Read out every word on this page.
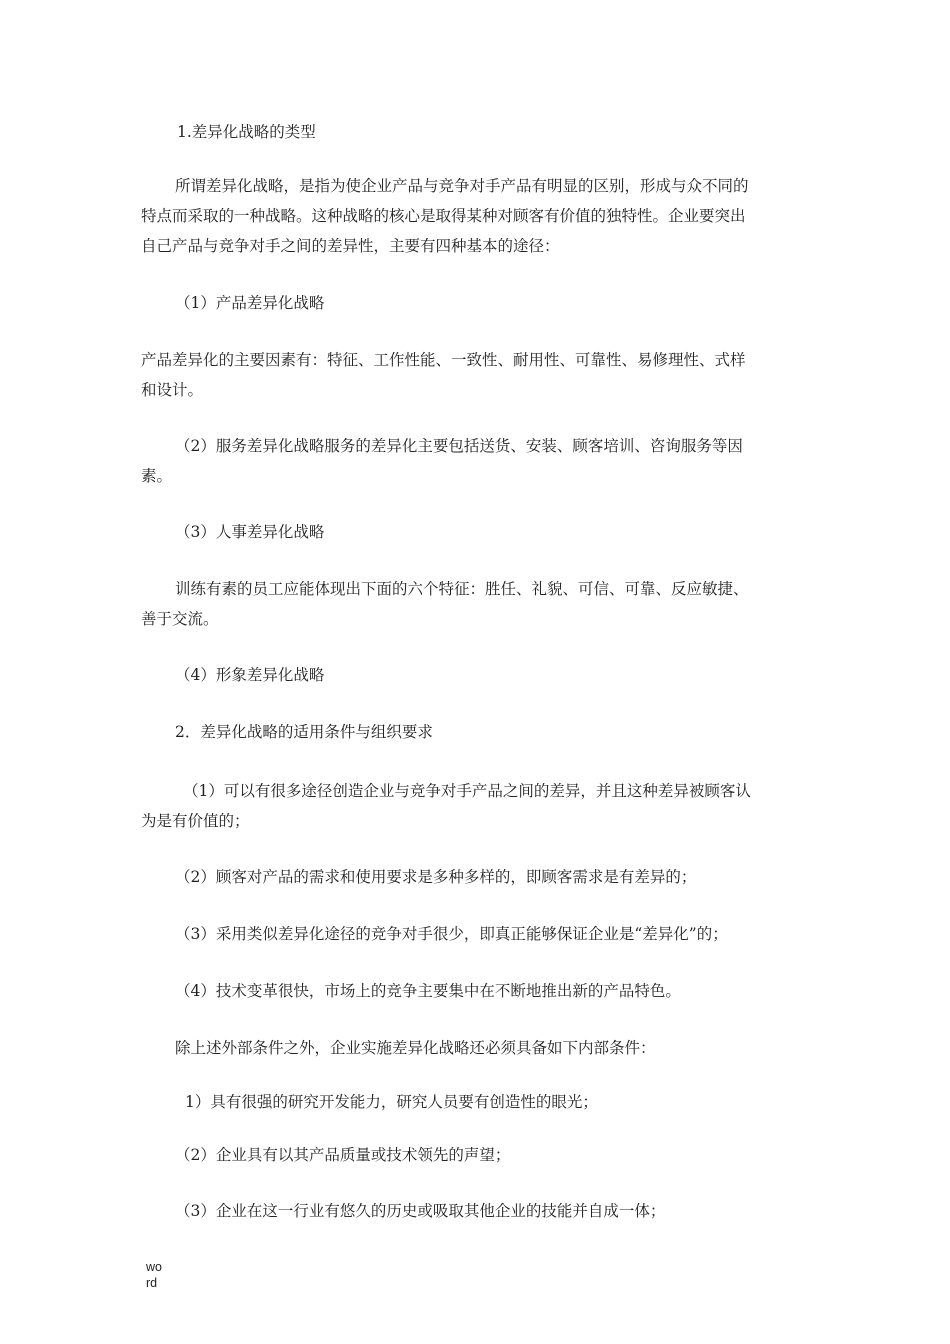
1.差异化战略的类型
所谓差异化战略，是指为使企业产品与竞争对手产品有明显的区别，形成与众不同的
特点而采取的一种战略。这种战略的核心是取得某种对顾客有价值的独特性。企业要突出
自己产品与竞争对手之间的差异性，主要有四种基本的途径：
（1）产品差异化战略
产品差异化的主要因素有：特征、工作性能、一致性、耐用性、可靠性、易修理性、式样
和设计。
（2）服务差异化战略服务的差异化主要包括送货、安装、顾客培训、咨询服务等因
素。
（3）人事差异化战略
训练有素的员工应能体现出下面的六个特征：胜任、礼貌、可信、可靠、反应敏捷、
善于交流。
（4）形象差异化战略
2．差异化战略的适用条件与组织要求
（1）可以有很多途径创造企业与竞争对手产品之间的差异，并且这种差异被顾客认
为是有价值的；
（2）顾客对产品的需求和使用要求是多种多样的，即顾客需求是有差异的；
（3）采用类似差异化途径的竞争对手很少，即真正能够保证企业是“差异化”的；
（4）技术变革很快，市场上的竞争主要集中在不断地推出新的产品特色。
除上述外部条件之外，企业实施差异化战略还必须具备如下内部条件：
1）具有很强的研究开发能力，研究人员要有创造性的眼光；
（2）企业具有以其产品质量或技术领先的声望；
（3）企业在这一行业有悠久的历史或吸取其他企业的技能并自成一体；
wo
rd
